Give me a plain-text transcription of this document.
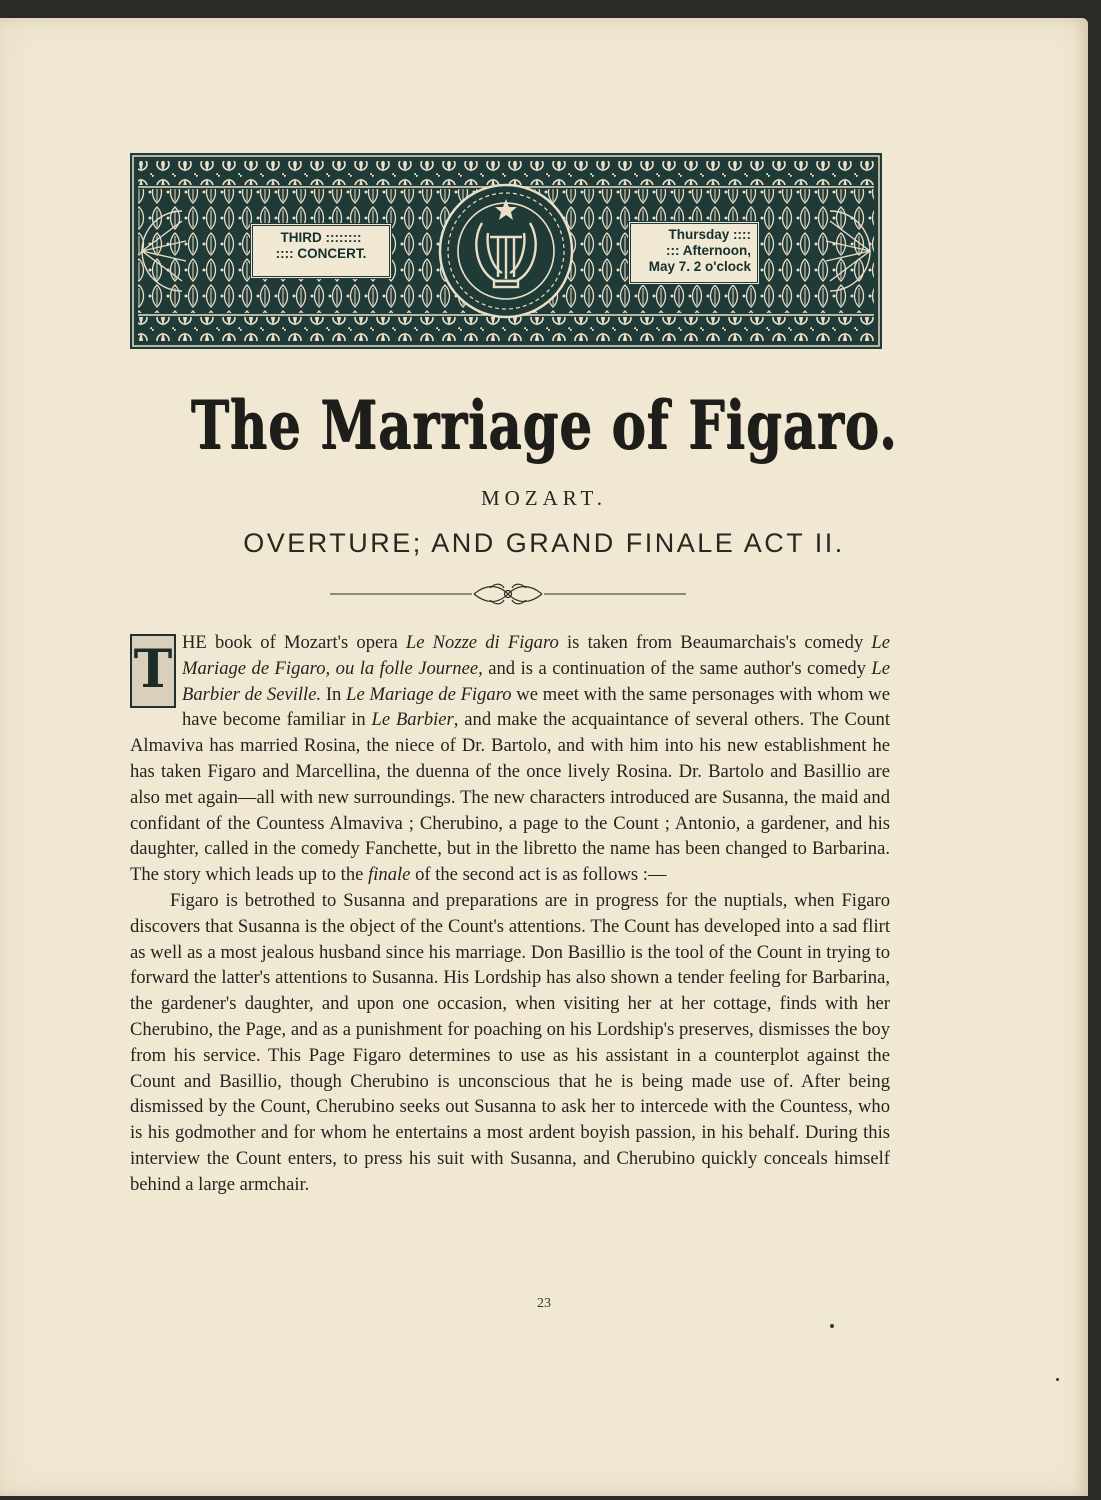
THIRD ::::::::
:::: CONCERT.
Thursday ::::
::: Afternoon,
May 7. 2 o'clock
The Marriage of Figaro.
MOZART.
OVERTURE; AND GRAND FINALE ACT II.

T HE book of Mozart's opera Le Nozze di Figaro is taken from Beaumarchais's comedy Le Mariage de Figaro, ou la folle Journee, and is a continuation of the same author's comedy Le Barbier de Seville. In Le Mariage de Figaro we meet with the same personages with whom we have become familiar in Le Barbier, and make the acquaintance of several others. The Count Almaviva has married Rosina, the niece of Dr. Bartolo, and with him into his new establishment he has taken Figaro and Marcellina, the duenna of the once lively Rosina. Dr. Bartolo and Basillio are also met again—all with new surroundings. The new characters introduced are Susanna, the maid and confidant of the Countess Almaviva ; Cherubino, a page to the Count ; Antonio, a gardener, and his daughter, called in the comedy Fanchette, but in the libretto the name has been changed to Barbarina. The story which leads up to the finale of the second act is as follows :—

Figaro is betrothed to Susanna and preparations are in progress for the nuptials, when Figaro discovers that Susanna is the object of the Count's attentions. The Count has developed into a sad flirt as well as a most jealous husband since his marriage. Don Basillio is the tool of the Count in trying to forward the latter's attentions to Susanna. His Lordship has also shown a tender feeling for Barbarina, the gardener's daughter, and upon one occasion, when visiting her at her cottage, finds with her Cherubino, the Page, and as a punishment for poaching on his Lordship's preserves, dismisses the boy from his service. This Page Figaro determines to use as his assistant in a counterplot against the Count and Basillio, though Cherubino is unconscious that he is being made use of. After being dismissed by the Count, Cherubino seeks out Susanna to ask her to intercede with the Countess, who is his godmother and for whom he entertains a most ardent boyish passion, in his behalf. During this interview the Count enters, to press his suit with Susanna, and Cherubino quickly conceals himself behind a large armchair.

23
